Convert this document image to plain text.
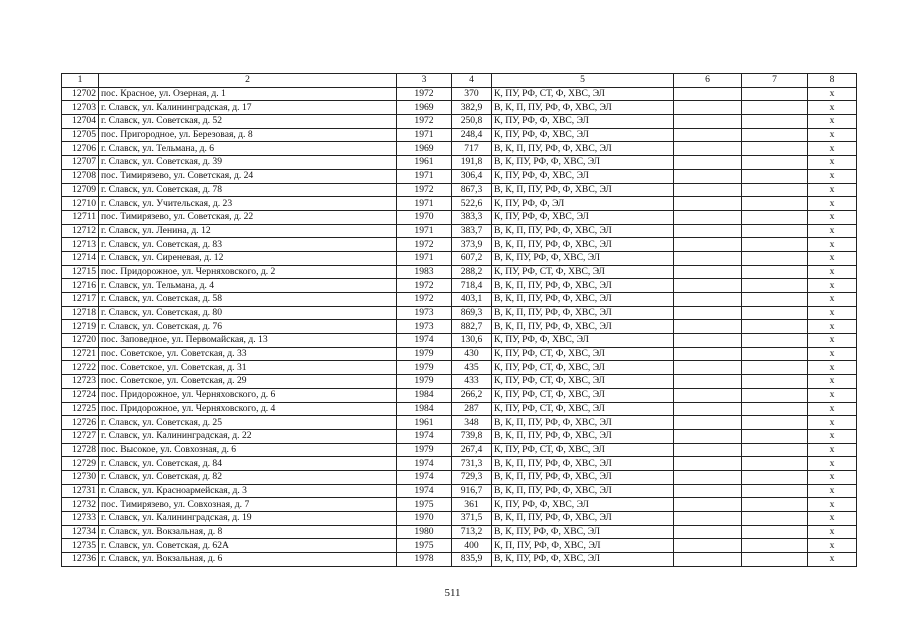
1	2	3	4	5	6	7	8
12702	пос. Красное, ул. Озерная, д. 1	1972	370	К, ПУ, РФ, СТ, Ф, ХВС, ЭЛ			х
12703	г. Славск, ул. Калининградская, д. 17	1969	382,9	В, К, П, ПУ, РФ, Ф, ХВС, ЭЛ			х
12704	г. Славск, ул. Советская, д. 52	1972	250,8	К, ПУ, РФ, Ф, ХВС, ЭЛ			х
12705	пос. Пригородное, ул. Березовая, д. 8	1971	248,4	К, ПУ, РФ, Ф, ХВС, ЭЛ			х
12706	г. Славск, ул. Тельмана, д. 6	1969	717	В, К, П, ПУ, РФ, Ф, ХВС, ЭЛ			х
12707	г. Славск, ул. Советская, д. 39	1961	191,8	В, К, ПУ, РФ, Ф, ХВС, ЭЛ			х
12708	пос. Тимирязево, ул. Советская, д. 24	1971	306,4	К, ПУ, РФ, Ф, ХВС, ЭЛ			х
12709	г. Славск, ул. Советская, д. 78	1972	867,3	В, К, П, ПУ, РФ, Ф, ХВС, ЭЛ			х
12710	г. Славск, ул. Учительская, д. 23	1971	522,6	К, ПУ, РФ, Ф, ЭЛ			х
12711	пос. Тимирязево, ул. Советская, д. 22	1970	383,3	К, ПУ, РФ, Ф, ХВС, ЭЛ			х
12712	г. Славск, ул. Ленина, д. 12	1971	383,7	В, К, П, ПУ, РФ, Ф, ХВС, ЭЛ			х
12713	г. Славск, ул. Советская, д. 83	1972	373,9	В, К, П, ПУ, РФ, Ф, ХВС, ЭЛ			х
12714	г. Славск, ул. Сиреневая, д. 12	1971	607,2	В, К, ПУ, РФ, Ф, ХВС, ЭЛ			х
12715	пос. Придорожное, ул. Черняховского, д. 2	1983	288,2	К, ПУ, РФ, СТ, Ф, ХВС, ЭЛ			х
12716	г. Славск, ул. Тельмана, д. 4	1972	718,4	В, К, П, ПУ, РФ, Ф, ХВС, ЭЛ			х
12717	г. Славск, ул. Советская, д. 58	1972	403,1	В, К, П, ПУ, РФ, Ф, ХВС, ЭЛ			х
12718	г. Славск, ул. Советская, д. 80	1973	869,3	В, К, П, ПУ, РФ, Ф, ХВС, ЭЛ			х
12719	г. Славск, ул. Советская, д. 76	1973	882,7	В, К, П, ПУ, РФ, Ф, ХВС, ЭЛ			х
12720	пос. Заповедное, ул. Первомайская, д. 13	1974	130,6	К, ПУ, РФ, Ф, ХВС, ЭЛ			х
12721	пос. Советское, ул. Советская, д. 33	1979	430	К, ПУ, РФ, СТ, Ф, ХВС, ЭЛ			х
12722	пос. Советское, ул. Советская, д. 31	1979	435	К, ПУ, РФ, СТ, Ф, ХВС, ЭЛ			х
12723	пос. Советское, ул. Советская, д. 29	1979	433	К, ПУ, РФ, СТ, Ф, ХВС, ЭЛ			х
12724	пос. Придорожное, ул. Черняховского, д. 6	1984	266,2	К, ПУ, РФ, СТ, Ф, ХВС, ЭЛ			х
12725	пос. Придорожное, ул. Черняховского, д. 4	1984	287	К, ПУ, РФ, СТ, Ф, ХВС, ЭЛ			х
12726	г. Славск, ул. Советская, д. 25	1961	348	В, К, П, ПУ, РФ, Ф, ХВС, ЭЛ			х
12727	г. Славск, ул. Калининградская, д. 22	1974	739,8	В, К, П, ПУ, РФ, Ф, ХВС, ЭЛ			х
12728	пос. Высокое, ул. Совхозная, д. 6	1979	267,4	К, ПУ, РФ, СТ, Ф, ХВС, ЭЛ			х
12729	г. Славск, ул. Советская, д. 84	1974	731,3	В, К, П, ПУ, РФ, Ф, ХВС, ЭЛ			х
12730	г. Славск, ул. Советская, д. 82	1974	729,3	В, К, П, ПУ, РФ, Ф, ХВС, ЭЛ			х
12731	г. Славск, ул. Красноармейская, д. 3	1974	916,7	В, К, П, ПУ, РФ, Ф, ХВС, ЭЛ			х
12732	пос. Тимирязево, ул. Совхозная, д. 7	1975	361	К, ПУ, РФ, Ф, ХВС, ЭЛ			х
12733	г. Славск, ул. Калининградская, д. 19	1970	371,5	В, К, П, ПУ, РФ, Ф, ХВС, ЭЛ			х
12734	г. Славск, ул. Вокзальная, д. 8	1980	713,2	В, К, ПУ, РФ, Ф, ХВС, ЭЛ			х
12735	г. Славск, ул. Советская, д. 62А	1975	400	К, П, ПУ, РФ, Ф, ХВС, ЭЛ			х
12736	г. Славск, ул. Вокзальная, д. 6	1978	835,9	В, К, ПУ, РФ, Ф, ХВС, ЭЛ			х
511
